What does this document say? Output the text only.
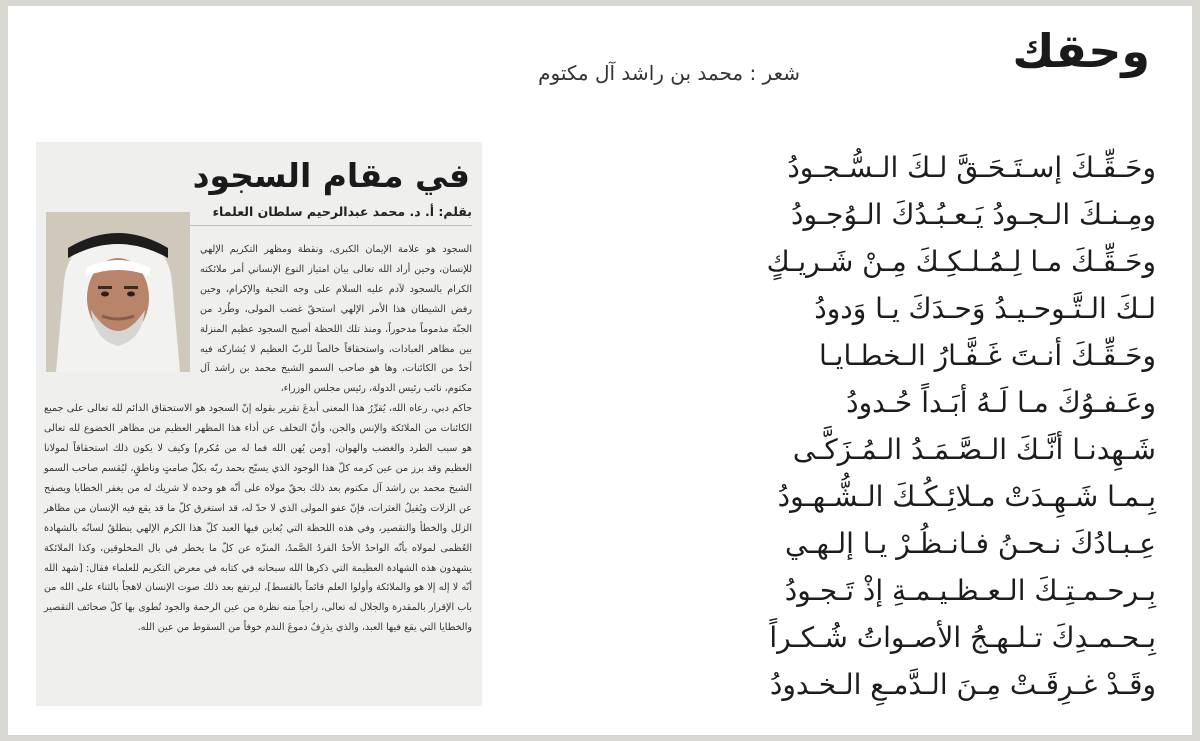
وحقك
شعر : محمد بن راشد آل مكتوم
وحَـقِّـكَ إسـتَـحَـقَّ لـكَ الـسُّـجـودُ
ومِـنـكَ الـجـودُ يَـعـبُـدُكَ الـوُجـودُ
وحَـقِّـكَ مـا لِـمُـلـكِـكَ مِـنْ شَـريـكٍ
لـكَ الـتَّـوحـيـدُ وَحـدَكَ يـا وَدودُ
وحَـقِّـكَ أنـتَ غَـفَّـارُ الـخطـايـا
وعَـفـوُكَ مـا لَـهُ أبَـداً حُـدودُ
شَـهِدنـا أنَّـكَ الـصَّـمَـدُ الـمُـزَكَّـى
بِـمـا شَـهِـدَتْ مـلائِـكُـكَ الـشُّـهـودُ
عِـبـادُكَ نـحـنُ فـانـظُـرْ يـا إلـهـي
بِـرحـمـتِـكَ الـعـظـيـمـةِ إذْ تَـجـودُ
بِـحـمـدِكَ تـلـهـجُ الأصـواتُ شُـكـراً
وقَـدْ غـرِقَـتْ مِـنَ الـدَّمـعِ الـخـدودُ
في مقام السجود
بقلم: أ. د. محمد عبدالرحيم سلطان العلماء

السجود هو علامة الإيمان الكبرى، ونقطة ومظهر التكريم الإلهي للإنسان، وحين أراد الله تعالى بيان امتياز النوع الإنساني أمر ملائكته الكرام بالسجود لآدم عليه السلام على وجه التحية والإكرام، وحين رفض الشيطان هذا الأمر الإلهي استحقّ غضب المولى، وطُرد من الجنّة مذموماً مدحوراً، ومنذ تلك اللحظة أصبح السجود عظيم المنزلة بين مظاهر العبادات، واستحقاقاً خالصاً للربّ العظيم لا يُشاركه فيه أحدٌ من الكائنات، وها هو صاحب السمو الشيخ محمد بن راشد آل مكتوم، نائب رئيس الدولة، رئيس مجلس الوزراء،

حاكم دبي، رعاه الله، يُقرِّرُ هذا المعنى أبدعَ تقرير بقوله إنّ السجود هو الاستحقاق الدائم لله تعالى على جميع الكائنات من الملائكة والإنس والجن، وأنّ التخلف عن أداء هذا المظهر العظيم من مظاهر الخضوع لله تعالى هو سبب الطرد والغضب والهوان، [ومن يُهن الله فما له من مُكرم] وكيف لا يكون ذلك استحقاقاً لمولانا العظيم وقد برز من عين كرمه كلّ هذا الوجود الذي يسبّح بحمد ربّه بكلّ صامتٍ وناطقٍ، ليُقسم صاحب السمو الشيخ محمد بن راشد آل مكتوم بعد ذلك بحقّ مولاه على أنّه هو وحده لا شريك له من يغفر الخطايا ويصفح عن الزلات ويُقيلُ العثرات، فإنّ عفو المولى الذي لا حدّ له، قد استغرق كلّ ما قد يقع فيه الإنسان من مظاهر الزلل والخطأ والتقصير، وفي هذه اللحظة التي يُعاين فيها العبد كلّ هذا الكرم الإلهي ينطلقُ لسانُه بالشهادة العُظمى لمولاه بأنّه الواحدُ الأحدُ الفردُ الصَّمدُ، المنزّه عن كلّ ما يخطر في بال المخلوقين، وكذا الملائكة يشهدون هذه الشهادة العظيمة التي ذكرها الله سبحانه في كتابه في معرض التكريم للعلماء فقال: [شهد الله أنّه لا إله إلا هو والملائكة وأولوا العلم قائماً بالقسط]، ليرتفع بعد ذلك صوت الإنسان لاهجاً بالثناء على الله من باب الإقرار بالمقدرة والجلال له تعالى، راجياً منه نظرة من عين الرحمة والجود تُطوى بها كلّ صحائف التقصير والخطايا التي يقع فيها العبد، والذي يذرِفُ دموعَ الندم خوفاً من السقوط من عين الله.
